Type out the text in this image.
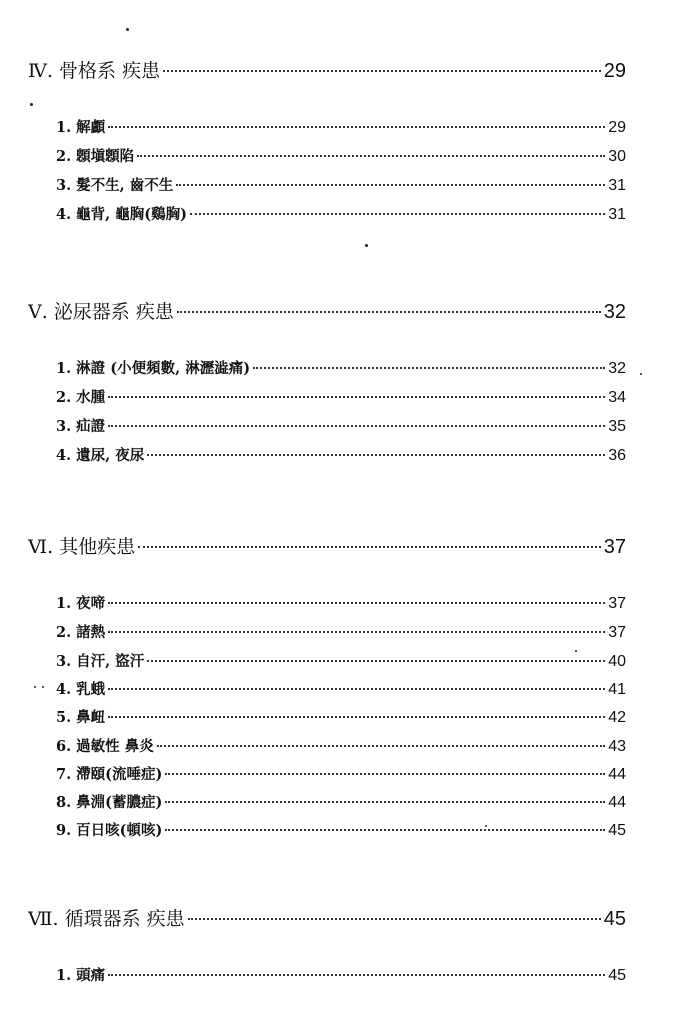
Ⅳ. 骨格系 疾患	29
1. 解顱	29
2. 顖塡顖陷	30
3. 髮不生, 齒不生	31
4. 龜背, 龜胸(鷄胸)	31
Ⅴ. 泌尿器系 疾患	32
1. 淋證 (小便頻數, 淋瀝澁痛)	32
2. 水腫	34
3. 疝證	35
4. 遺尿, 夜尿	36
Ⅵ. 其他疾患	37
1. 夜啼	37
2. 諸熱	37
3. 自汗, 盜汗	40
4. 乳蛾	41
5. 鼻衄	42
6. 過敏性 鼻炎	43
7. 滯頤(流唾症)	44
8. 鼻淵(蓄膿症)	44
9. 百日咳(頓咳)	45
Ⅶ. 循環器系 疾患	45
1. 頭痛	45
